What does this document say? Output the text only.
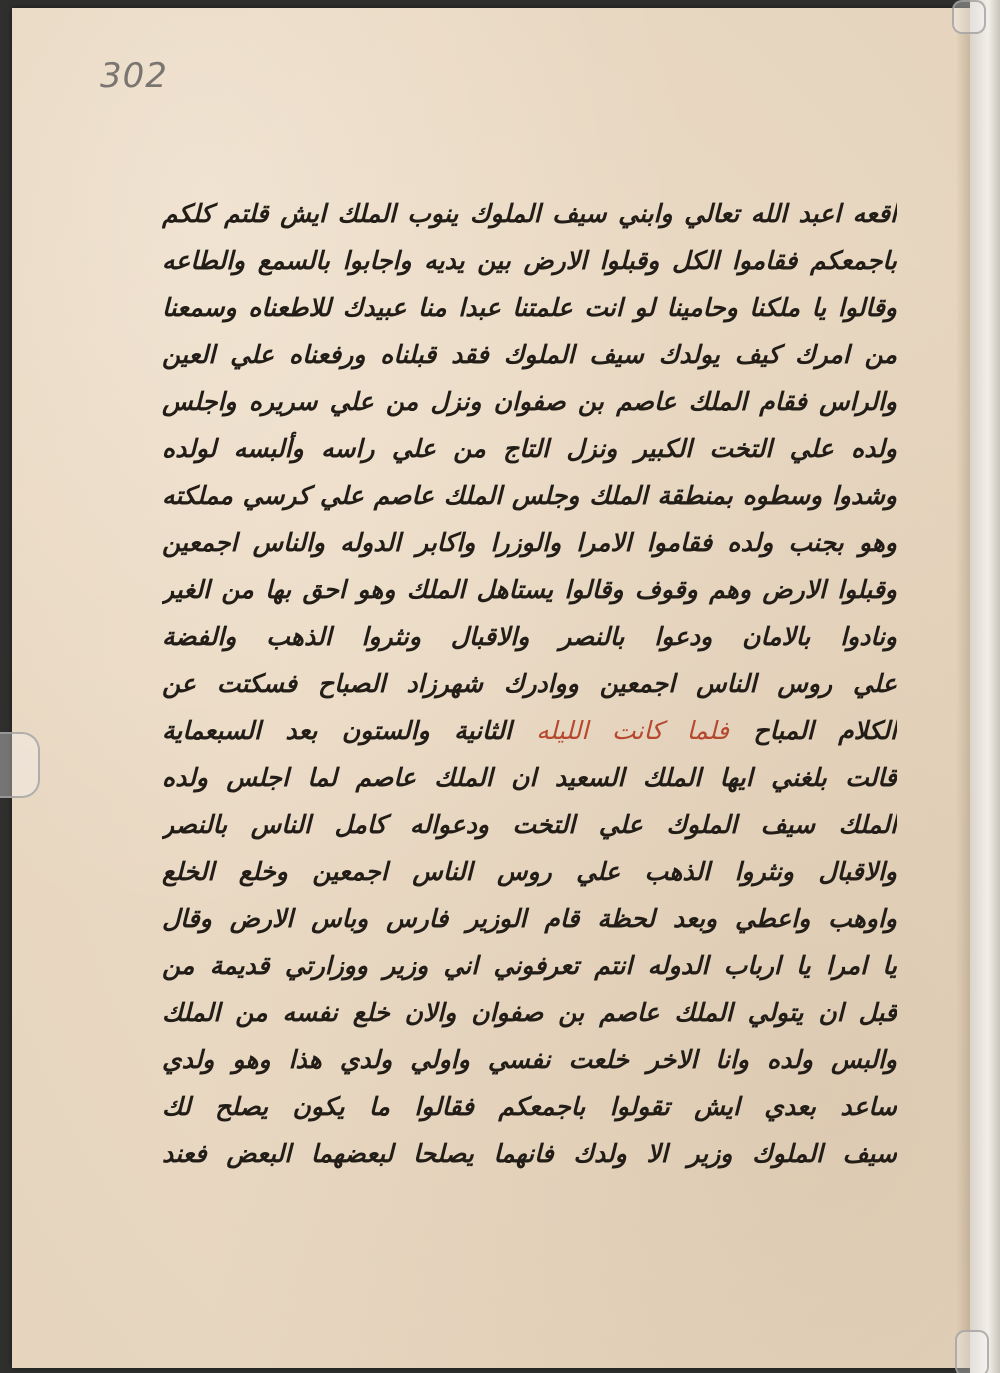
302
اقعه اعبد الله تعالي وابني سيف الملوك ينوب الملك ايش قلتم كلكم
باجمعكم فقاموا الكل وقبلوا الارض بين يديه واجابوا بالسمع والطاعه
وقالوا يا ملكنا وحامينا لو انت علمتنا عبدا منا عبيدك للاطعناه وسمعنا
من امرك كيف يولدك سيف الملوك فقد قبلناه ورفعناه علي العين
والراس فقام الملك عاصم بن صفوان ونزل من علي سريره واجلس
ولده علي التخت الكبير ونزل التاج من علي راسه وألبسه لولده
وشدوا وسطوه بمنطقة الملك وجلس الملك عاصم علي كرسي مملكته
وهو بجنب ولده فقاموا الامرا والوزرا واكابر الدوله والناس اجمعين
وقبلوا الارض وهم وقوف وقالوا يستاهل الملك وهو احق بها من الغير
ونادوا بالامان ودعوا بالنصر والاقبال ونثروا الذهب والفضة
علي روس الناس اجمعين ووادرك شهرزاد الصباح فسكتت عن
الكلام المباح فلما كانت الليله الثانية والستون بعد السبعماية
قالت بلغني ايها الملك السعيد ان الملك عاصم لما اجلس ولده
الملك سيف الملوك علي التخت ودعواله كامل الناس بالنصر
والاقبال ونثروا الذهب علي روس الناس اجمعين وخلع الخلع
واوهب واعطي وبعد لحظة قام الوزير فارس وباس الارض وقال
يا امرا يا ارباب الدوله انتم تعرفوني اني وزير ووزارتي قديمة من
قبل ان يتولي الملك عاصم بن صفوان والان خلع نفسه من الملك
والبس ولده وانا الاخر خلعت نفسي واولي ولدي هذا وهو ولدي
ساعد بعدي ايش تقولوا باجمعكم فقالوا ما يكون يصلح لك
سيف الملوك وزير الا ولدك فانهما يصلحا لبعضهما البعض فعند
